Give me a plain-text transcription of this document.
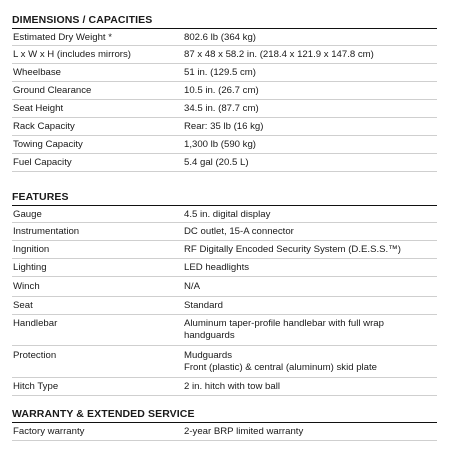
DIMENSIONS / CAPACITIES
Estimated Dry Weight *	802.6 lb (364 kg)
L x W x H (includes mirrors)	87 x 48 x 58.2 in. (218.4 x 121.9 x 147.8 cm)
Wheelbase	51 in. (129.5 cm)
Ground Clearance	10.5 in. (26.7 cm)
Seat Height	34.5 in. (87.7 cm)
Rack Capacity	Rear: 35 lb (16 kg)
Towing Capacity	1,300 lb (590 kg)
Fuel Capacity	5.4 gal (20.5 L)
FEATURES
Gauge	4.5 in. digital display
Instrumentation	DC outlet, 15-A connector
Ingnition	RF Digitally Encoded Security System (D.E.S.S.™)
Lighting	LED headlights
Winch	N/A
Seat	Standard
Handlebar	Aluminum taper-profile handlebar with full wrap
handguards
Protection	Mudguards
Front (plastic) & central (aluminum) skid plate
Hitch Type	2 in. hitch with tow ball
WARRANTY & EXTENDED SERVICE
Factory warranty	2-year BRP limited warranty
